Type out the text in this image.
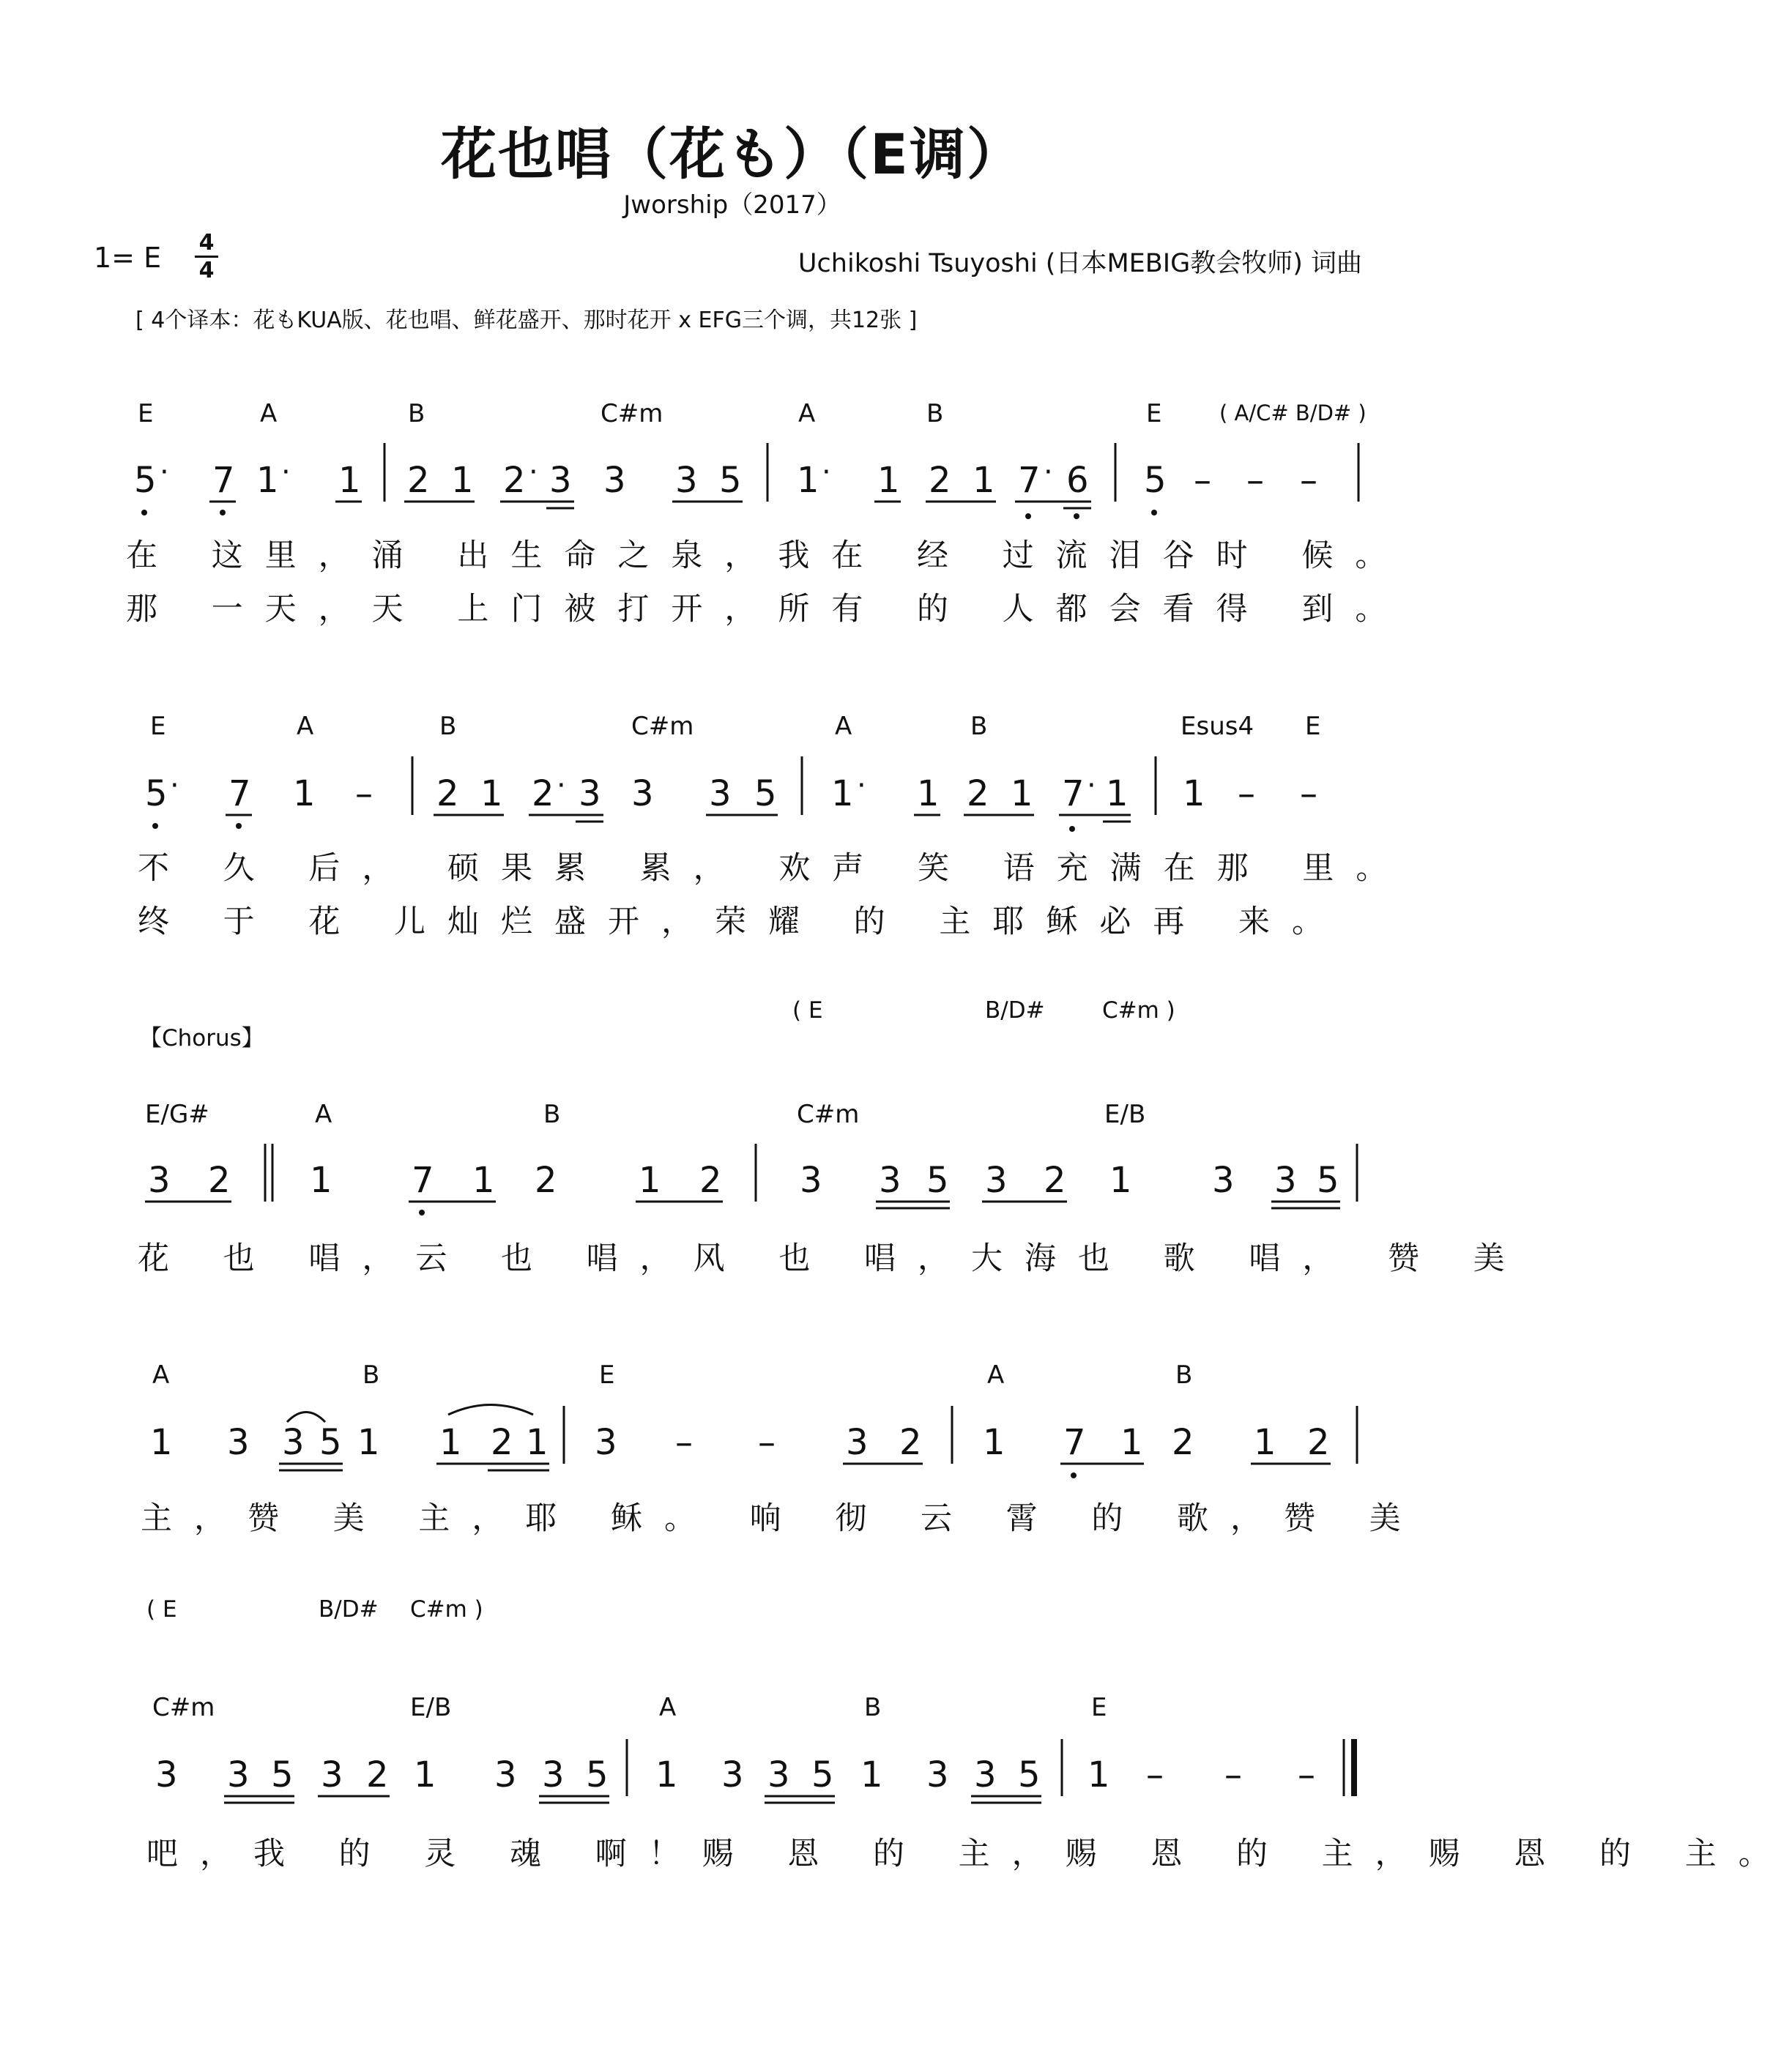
花也唱（花も）（E调）
Jworship（2017）
1= E	4
4	Uchikoshi Tsuyoshi (日本MEBIG教会牧师) 词曲
[ 4个译本：花もKUA版、花也唱、鲜花盛开、那时花开 x EFG三个调，共12张 ]
E	A	B	C#m	A	B	E	( A/C# B/D# )
在 这里，涌 出生命之泉，我在 经 过流泪谷时 候。
那 一天，天 上门被打开，所有 的 人都会看得 到。
E	A	B	C#m	A	B	Esus4 E
不 久 后， 硕果累 累， 欢声 笑 语充满在那 里。
终 于 花 儿灿烂盛开，荣耀 的 主耶稣必再 来。
【Chorus】
( E	B/D#	C#m )
E/G#	A	B	C#m	E/B
花 也 唱，云 也 唱，风 也 唱，大海也 歌 唱， 赞 美
A	B	E	A	B
主，赞 美 主，耶 稣。 响 彻 云 霄 的 歌，赞 美
( E	B/D# C#m )
C#m	E/B	A	B	E
吧，我 的 灵 魂 啊！赐 恩 的 主，赐 恩 的 主，赐 恩 的 主。
5 · 7 1 · 1 2 1 2 · 3 3 3 5 1 · 1 2 1 7 · 6 5 – – –
5 · 7 1 – 2 1 2 · 3 3 3 5 1 · 1 2 1 7 · 1 1 – –
3 2 1 7 1 2 1 2 3 3 5 3 2 1 3 3 5
1 3 3 5 1 1 2 1 3 – – 3 2 1 7 1 2 1 2
3 3 5 3 2 1 3 3 5 1 3 3 5 1 3 3 5 1 – – –
